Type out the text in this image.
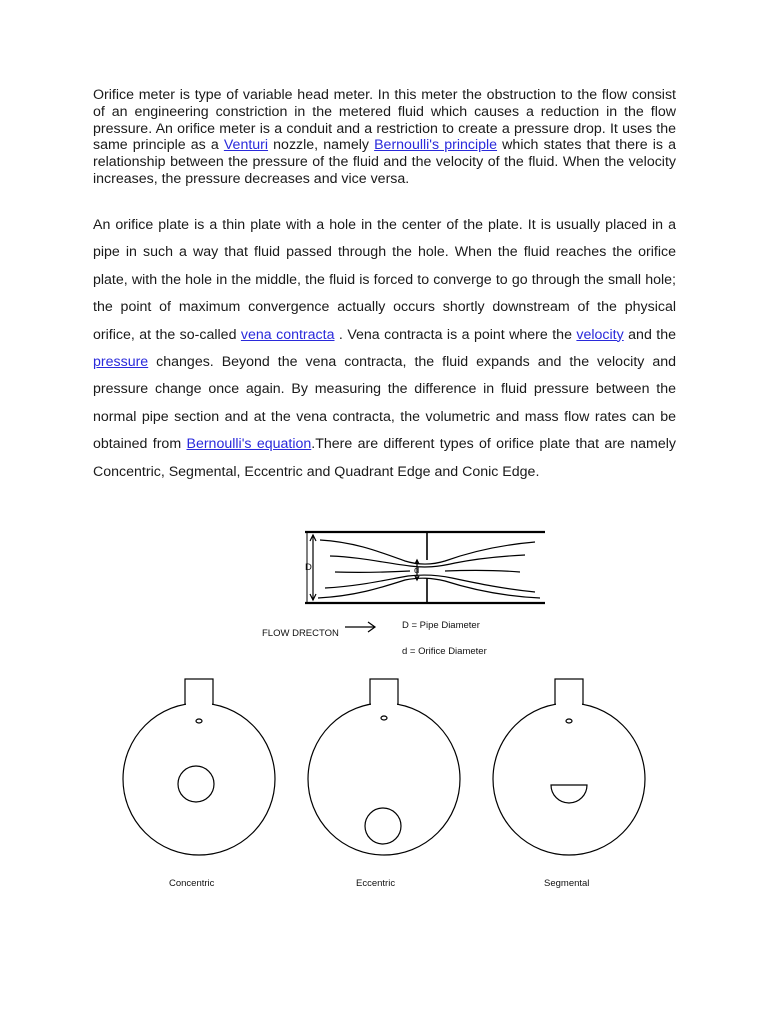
Orifice meter is type of variable head meter. In this meter the obstruction to the flow consist of an engineering constriction in the metered fluid which causes a reduction in the flow pressure. An orifice meter is a conduit and a restriction to create a pressure drop. It uses the same principle as a Venturi nozzle, namely Bernoulli's principle which states that there is a relationship between the pressure of the fluid and the velocity of the fluid. When the velocity increases, the pressure decreases and vice versa.

An orifice plate is a thin plate with a hole in the center of the plate. It is usually placed in a pipe in such a way that fluid passed through the hole. When the fluid reaches the orifice plate, with the hole in the middle, the fluid is forced to converge to go through the small hole; the point of maximum convergence actually occurs shortly downstream of the physical orifice, at the so-called vena contracta . Vena contracta is a point where the velocity and the pressure changes. Beyond the vena contracta, the fluid expands and the velocity and pressure change once again. By measuring the difference in fluid pressure between the normal pipe section and at the vena contracta, the volumetric and mass flow rates can be obtained from Bernoulli's equation.There are different types of orifice plate that are namely Concentric, Segmental, Eccentric and Quadrant Edge and Conic Edge.

D	d
FLOW DRECTON
D = Pipe Diameter
d = Orifice Diameter
Concentric	Eccentric	Segmental
